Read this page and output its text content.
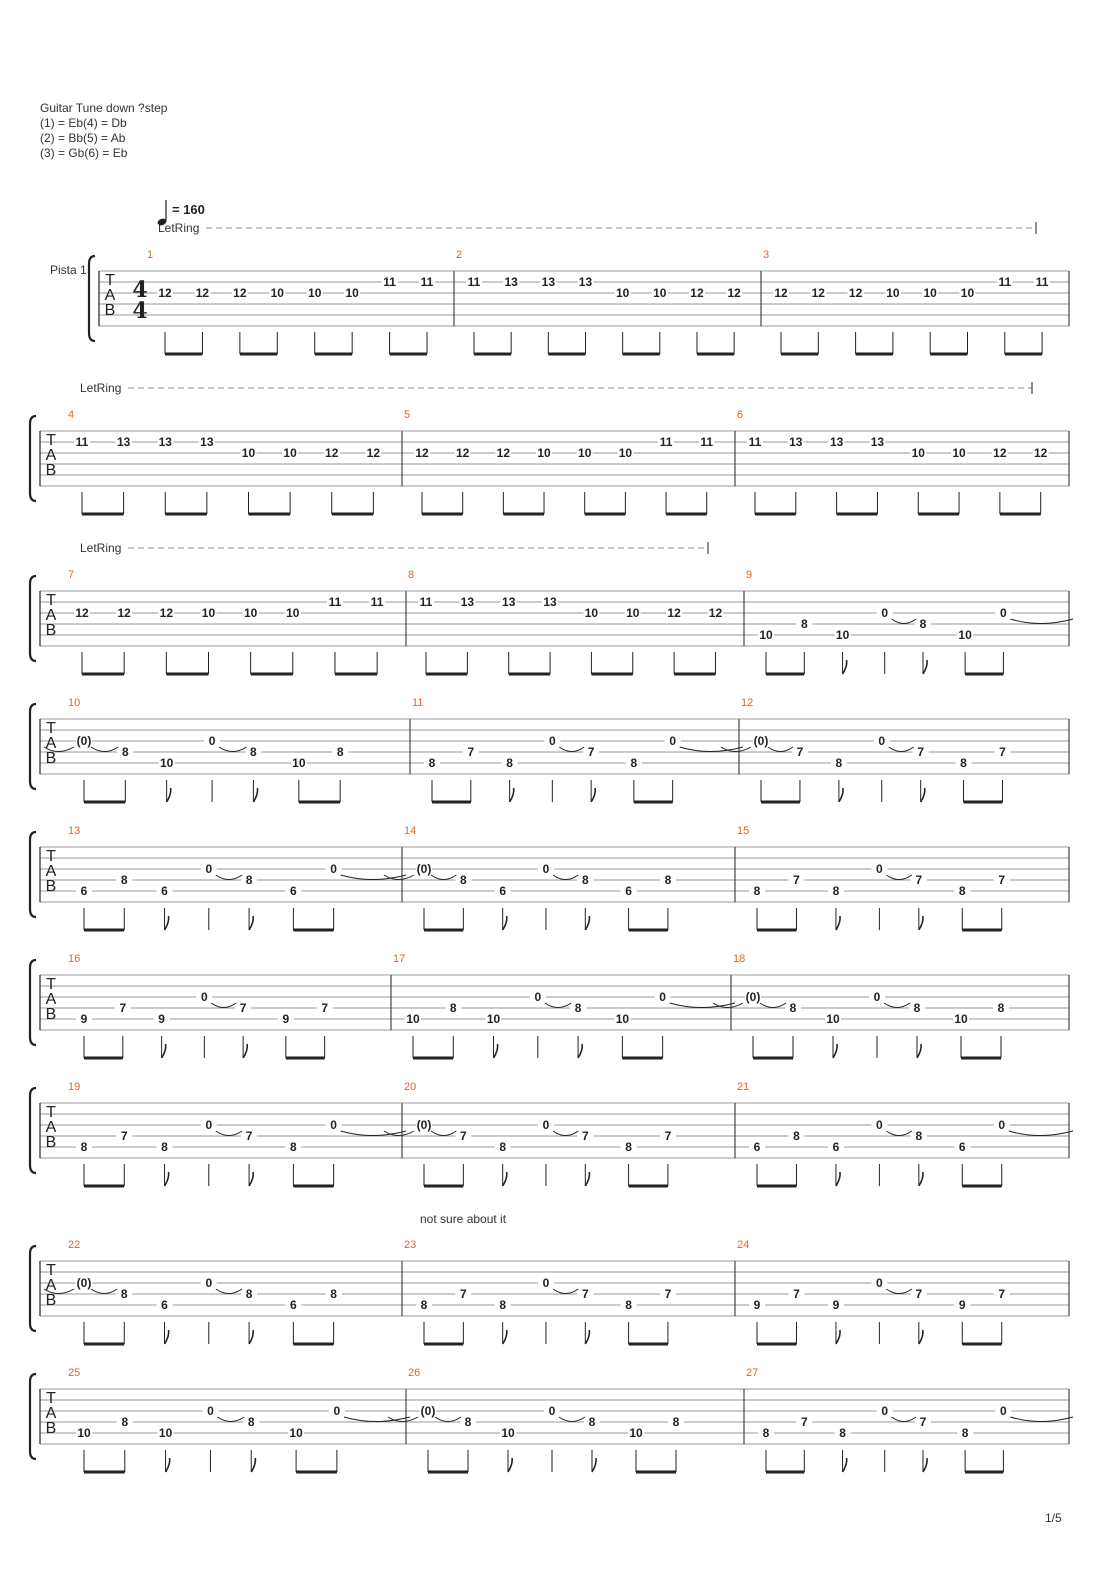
Guitar Tune down ?step
(1) = Eb(4) = Db
(2) = Bb(5) = Ab
(3) = Gb(6) = Eb
T
A
B
1
12 12 12 10 10 10
11 11
2
11 13 13 13
10 10 12 12
3
12 12 12 10 10 10
11 11
T
A
B
4
11 13 13 13
10 10 12 12
5
12 12 12 10 10 10
11 11
6
11 13 13 13
10 10 12 12
T
A
B
7
12 12 12 10 10 10
11 11
8
11 13 13 13
10 10 12 12
9
10
8
10
0
8
10
0
T
A
B
10
(0)
8
10
0
8
10
8
11
8
7
8
0
7
8
0
12
(0)
7
8
0
7
8
7
T
A
B
13
6
8
6
0
8
6
0
14
(0)
8
6
0
8
6
8
15
8
7
8
0
7
8
7
T
A
B
16
9
7
9
0
7
9
7
17
10
8
10
0
8
10
0
18
(0)
8
10
0
8
10
8
T
A
B
19
8
7
8
0
7
8
0
20
(0)
7
8
0
7
8
7
21
6
8
6
0
8
6
0
T
A
B
22
(0)
8
6
0
8
6
8
23
8
7
8
0
7
8
7
24
9
7
9
0
7
9
7
T
A
B
25
10
8
10
0
8
10
0
26
(0)
8
10
0
8
10
8
27
8
7
8
0
7
8
0
Pista 1
4
4
= 160
LetRing
LetRing
LetRing
not sure about it
1/5
